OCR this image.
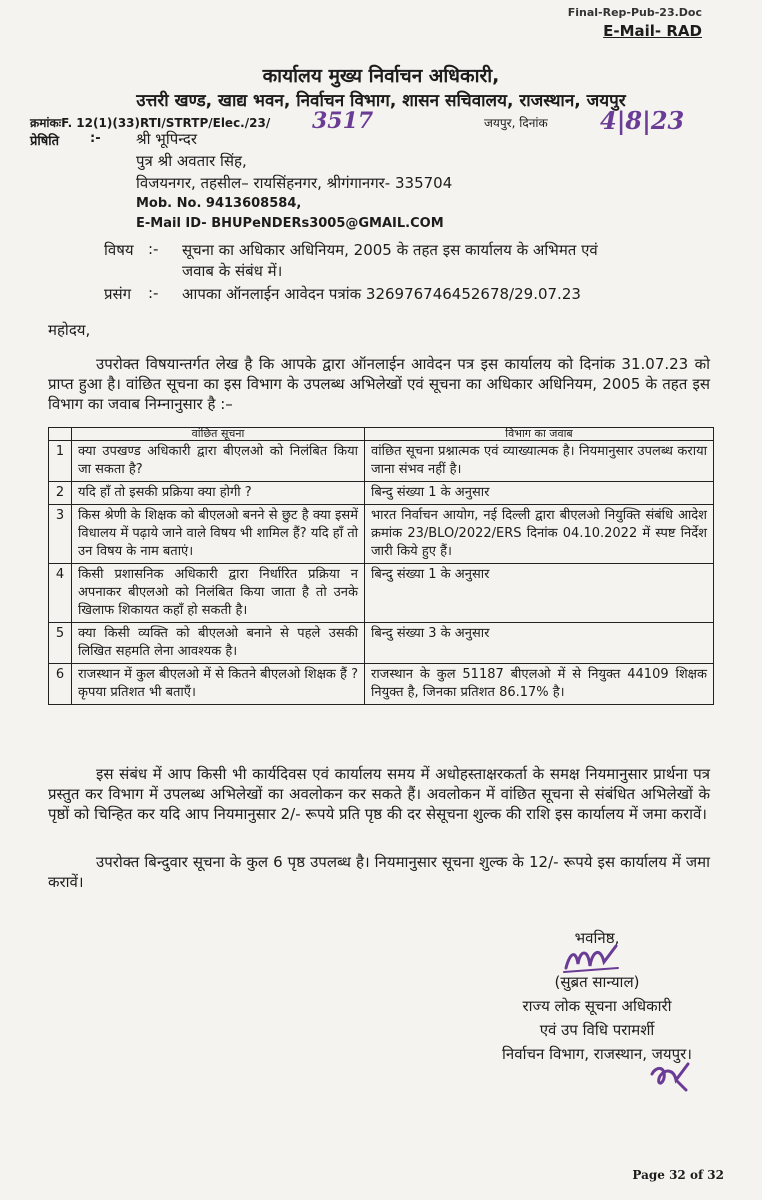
Final-Rep-Pub-23.Doc
E-Mail- RAD
कार्यालय मुख्य निर्वाचन अधिकारी,
उत्तरी खण्ड, खाद्य भवन, निर्वाचन विभाग, शासन सचिवालय, राजस्थान, जयपुर
क्रमांकःF. 12(1)(33)RTI/STRTP/Elec./23/ 3517	जयपुर, दिनांक 4|8|23
प्रेषिति :- श्री भूपिन्दर
पुत्र श्री अवतार सिंह,
विजयनगर, तहसील– रायसिंहनगर, श्रीगंगानगर- 335704
Mob. No. 9413608584,
E-Mail ID- BHUPeNDERs3005@GMAIL.COM
विषय :- सूचना का अधिकार अधिनियम, 2005 के तहत इस कार्यालय के अभिमत एवं
जवाब के संबंध में।
प्रसंग :- आपका ऑनलाईन आवेदन पत्रांक 326976746452678/29.07.23
महोदय,
उपरोक्त विषयान्तर्गत लेख है कि आपके द्वारा ऑनलाईन आवेदन पत्र इस कार्यालय को दिनांक 31.07.23 को प्राप्त हुआ है। वांछित सूचना का इस विभाग के उपलब्ध अभिलेखों एवं सूचना का अधिकार अधिनियम, 2005 के तहत इस विभाग का जवाब निम्नानुसार है :–
	वांछित सूचना	विभाग का जवाब
1	क्या उपखण्ड अधिकारी द्वारा बीएलओ को निलंबित किया जा सकता है?	वांछित सूचना प्रश्नात्मक एवं व्याख्यात्मक है। नियमानुसार उपलब्ध कराया जाना संभव नहीं है।
2	यदि हाँ तो इसकी प्रक्रिया क्या होगी ?	बिन्दु संख्या 1 के अनुसार
3	किस श्रेणी के शिक्षक को बीएलओ बनने से छुट है क्या इसमें विधालय में पढ़ाये जाने वाले विषय भी शामिल हैं? यदि हाँ तो उन विषय के नाम बताएं।	भारत निर्वाचन आयोग, नई दिल्ली द्वारा बीएलओ नियुक्ति संबंधि आदेश क्रमांक 23/BLO/2022/ERS दिनांक 04.10.2022 में स्पष्ट निर्देश जारी किये हुए हैं।
4	किसी प्रशासनिक अधिकारी द्वारा निर्धारित प्रक्रिया न अपनाकर बीएलओ को निलंबित किया जाता है तो उनके खिलाफ शिकायत कहाँ हो सकती है।	बिन्दु संख्या 1 के अनुसार
5	क्या किसी व्यक्ति को बीएलओ बनाने से पहले उसकी लिखित सहमति लेना आवश्यक है।	बिन्दु संख्या 3 के अनुसार
6	राजस्थान में कुल बीएलओ में से कितने बीएलओ शिक्षक हैं ? कृपया प्रतिशत भी बताएँ।	राजस्थान के कुल 51187 बीएलओ में से नियुक्त 44109 शिक्षक नियुक्त है, जिनका प्रतिशत 86.17% है।
इस संबंध में आप किसी भी कार्यदिवस एवं कार्यालय समय में अधोहस्ताक्षरकर्ता के समक्ष नियमानुसार प्रार्थना पत्र प्रस्तुत कर विभाग में उपलब्ध अभिलेखों का अवलोकन कर सकते हैं। अवलोकन में वांछित सूचना से संबंधित अभिलेखों के पृष्ठों को चिन्हित कर यदि आप नियमानुसार 2/- रूपये प्रति पृष्ठ की दर सेसूचना शुल्क की राशि इस कार्यालय में जमा करावें।
उपरोक्त बिन्दुवार सूचना के कुल 6 पृष्ठ उपलब्ध है। नियमानुसार सूचना शुल्क के 12/- रूपये इस कार्यालय में जमा करावें।
भवनिष्ठ,
(सुब्रत सान्याल)
राज्य लोक सूचना अधिकारी
एवं उप विधि परामर्शी
निर्वाचन विभाग, राजस्थान, जयपुर।
Page 32 of 32
